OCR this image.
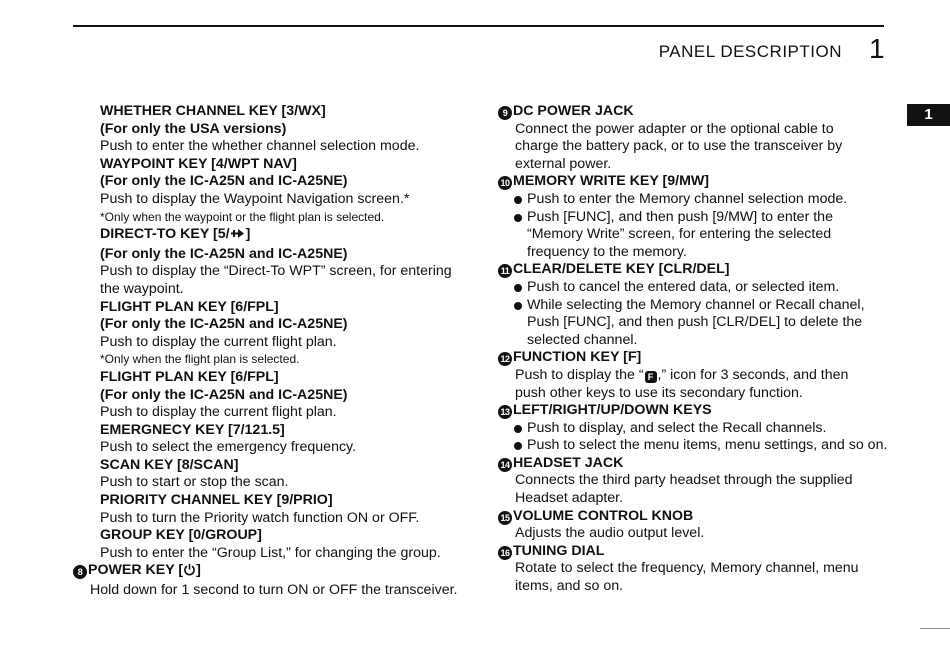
PANEL DESCRIPTION 1
1
WHETHER CHANNEL KEY [3/WX]
(For only the USA versions)
Push to enter the whether channel selection mode.
WAYPOINT KEY [4/WPT NAV]
(For only the IC-A25N and IC-A25NE)
Push to display the Waypoint Navigation screen.*
*Only when the waypoint or the flight plan is selected.
DIRECT-TO KEY [5/ ]
(For only the IC-A25N and IC-A25NE)
Push to display the “Direct-To WPT” screen, for entering
the waypoint.
FLIGHT PLAN KEY [6/FPL]
(For only the IC-A25N and IC-A25NE)
Push to display the current flight plan.
*Only when the flight plan is selected.
FLIGHT PLAN KEY [6/FPL]
(For only the IC-A25N and IC-A25NE)
Push to display the current flight plan.
EMERGNECY KEY [7/121.5]
Push to select the emergency frequency.
SCAN KEY [8/SCAN]
Push to start or stop the scan.
PRIORITY CHANNEL KEY [9/PRIO]
Push to turn the Priority watch function ON or OFF.
GROUP KEY [0/GROUP]
Push to enter the “Group List,” for changing the group.
8 POWER KEY [ ]
Hold down for 1 second to turn ON or OFF the transceiver.
9 DC POWER JACK
Connect the power adapter or the optional cable to
charge the battery pack, or to use the transceiver by
external power.
10 MEMORY WRITE KEY [9/MW]
Push to enter the Memory channel selection mode.
Push [FUNC], and then push [9/MW] to enter the
“Memory Write” screen, for entering the selected
frequency to the memory.
11 CLEAR/DELETE KEY [CLR/DEL]
Push to cancel the entered data, or selected item.
While selecting the Memory channel or Recall chanel,
Push [FUNC], and then push [CLR/DEL] to delete the
selected channel.
12 FUNCTION KEY [F]
Push to display the “ F ,” icon for 3 seconds, and then
push other keys to use its secondary function.
13 LEFT/RIGHT/UP/DOWN KEYS
Push to display, and select the Recall channels.
Push to select the menu items, menu settings, and so on.
14 HEADSET JACK
Connects the third party headset through the supplied
Headset adapter.
15 VOLUME CONTROL KNOB
Adjusts the audio output level.
16 TUNING DIAL
Rotate to select the frequency, Memory channel, menu
items, and so on.
